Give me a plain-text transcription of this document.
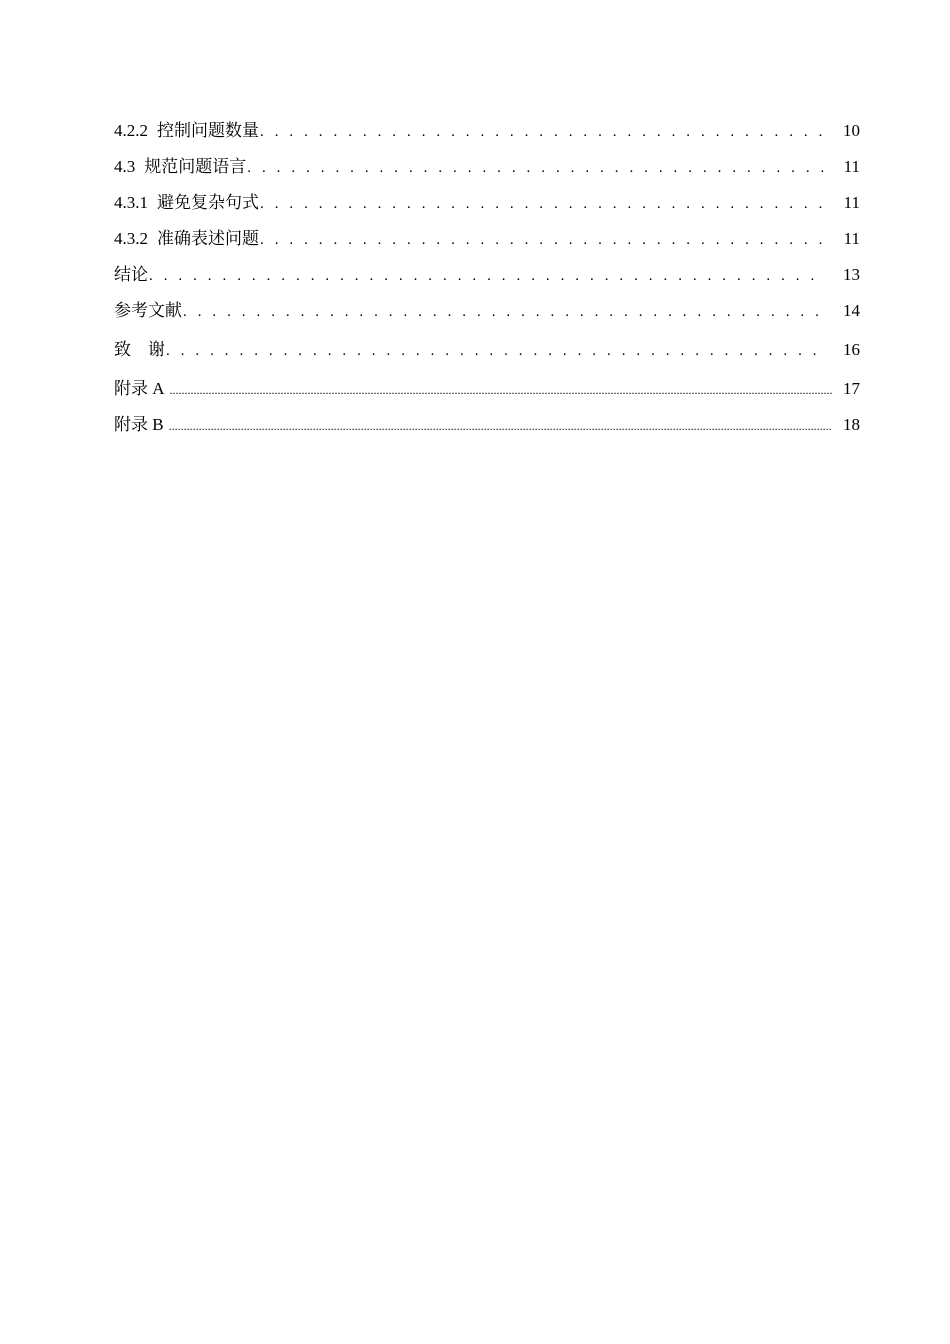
4.2.2 控制问题数量 . . .	10
4.3 规范问题语言 . . .	11
4.3.1 避免复杂句式 . . .	11
4.3.2 准确表述问题 . . .	11
结论 . . .	13
参考文献 . . .	14
致　谢 . . .	16
附录 A .....	17
附录 B .....	18
